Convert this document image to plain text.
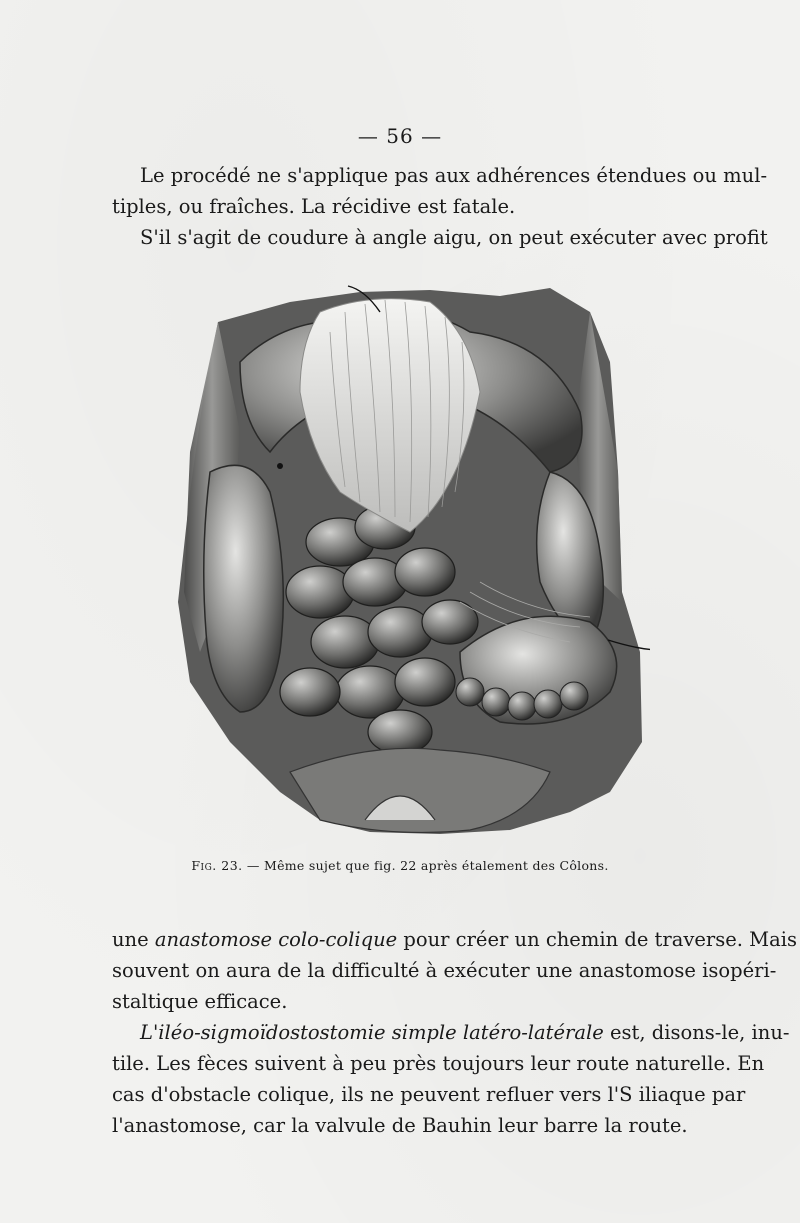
— 56 —
Le procédé ne s'applique pas aux adhérences étendues ou mul-
tiples, ou fraîches. La récidive est fatale.
S'il s'agit de coudure à angle aigu, on peut exécuter avec profit
Fig. 23. — Même sujet que fig. 22 après étalement des Côlons.
une anastomose colo-colique pour créer un chemin de traverse. Mais
souvent on aura de la difficulté à exécuter une anastomose isopéri-
staltique efficace.
L'iléo-sigmoïdostostomie simple latéro-latérale est, disons-le, inu-
tile. Les fèces suivent à peu près toujours leur route naturelle. En
cas d'obstacle colique, ils ne peuvent refluer vers l'S iliaque par
l'anastomose, car la valvule de Bauhin leur barre la route.
